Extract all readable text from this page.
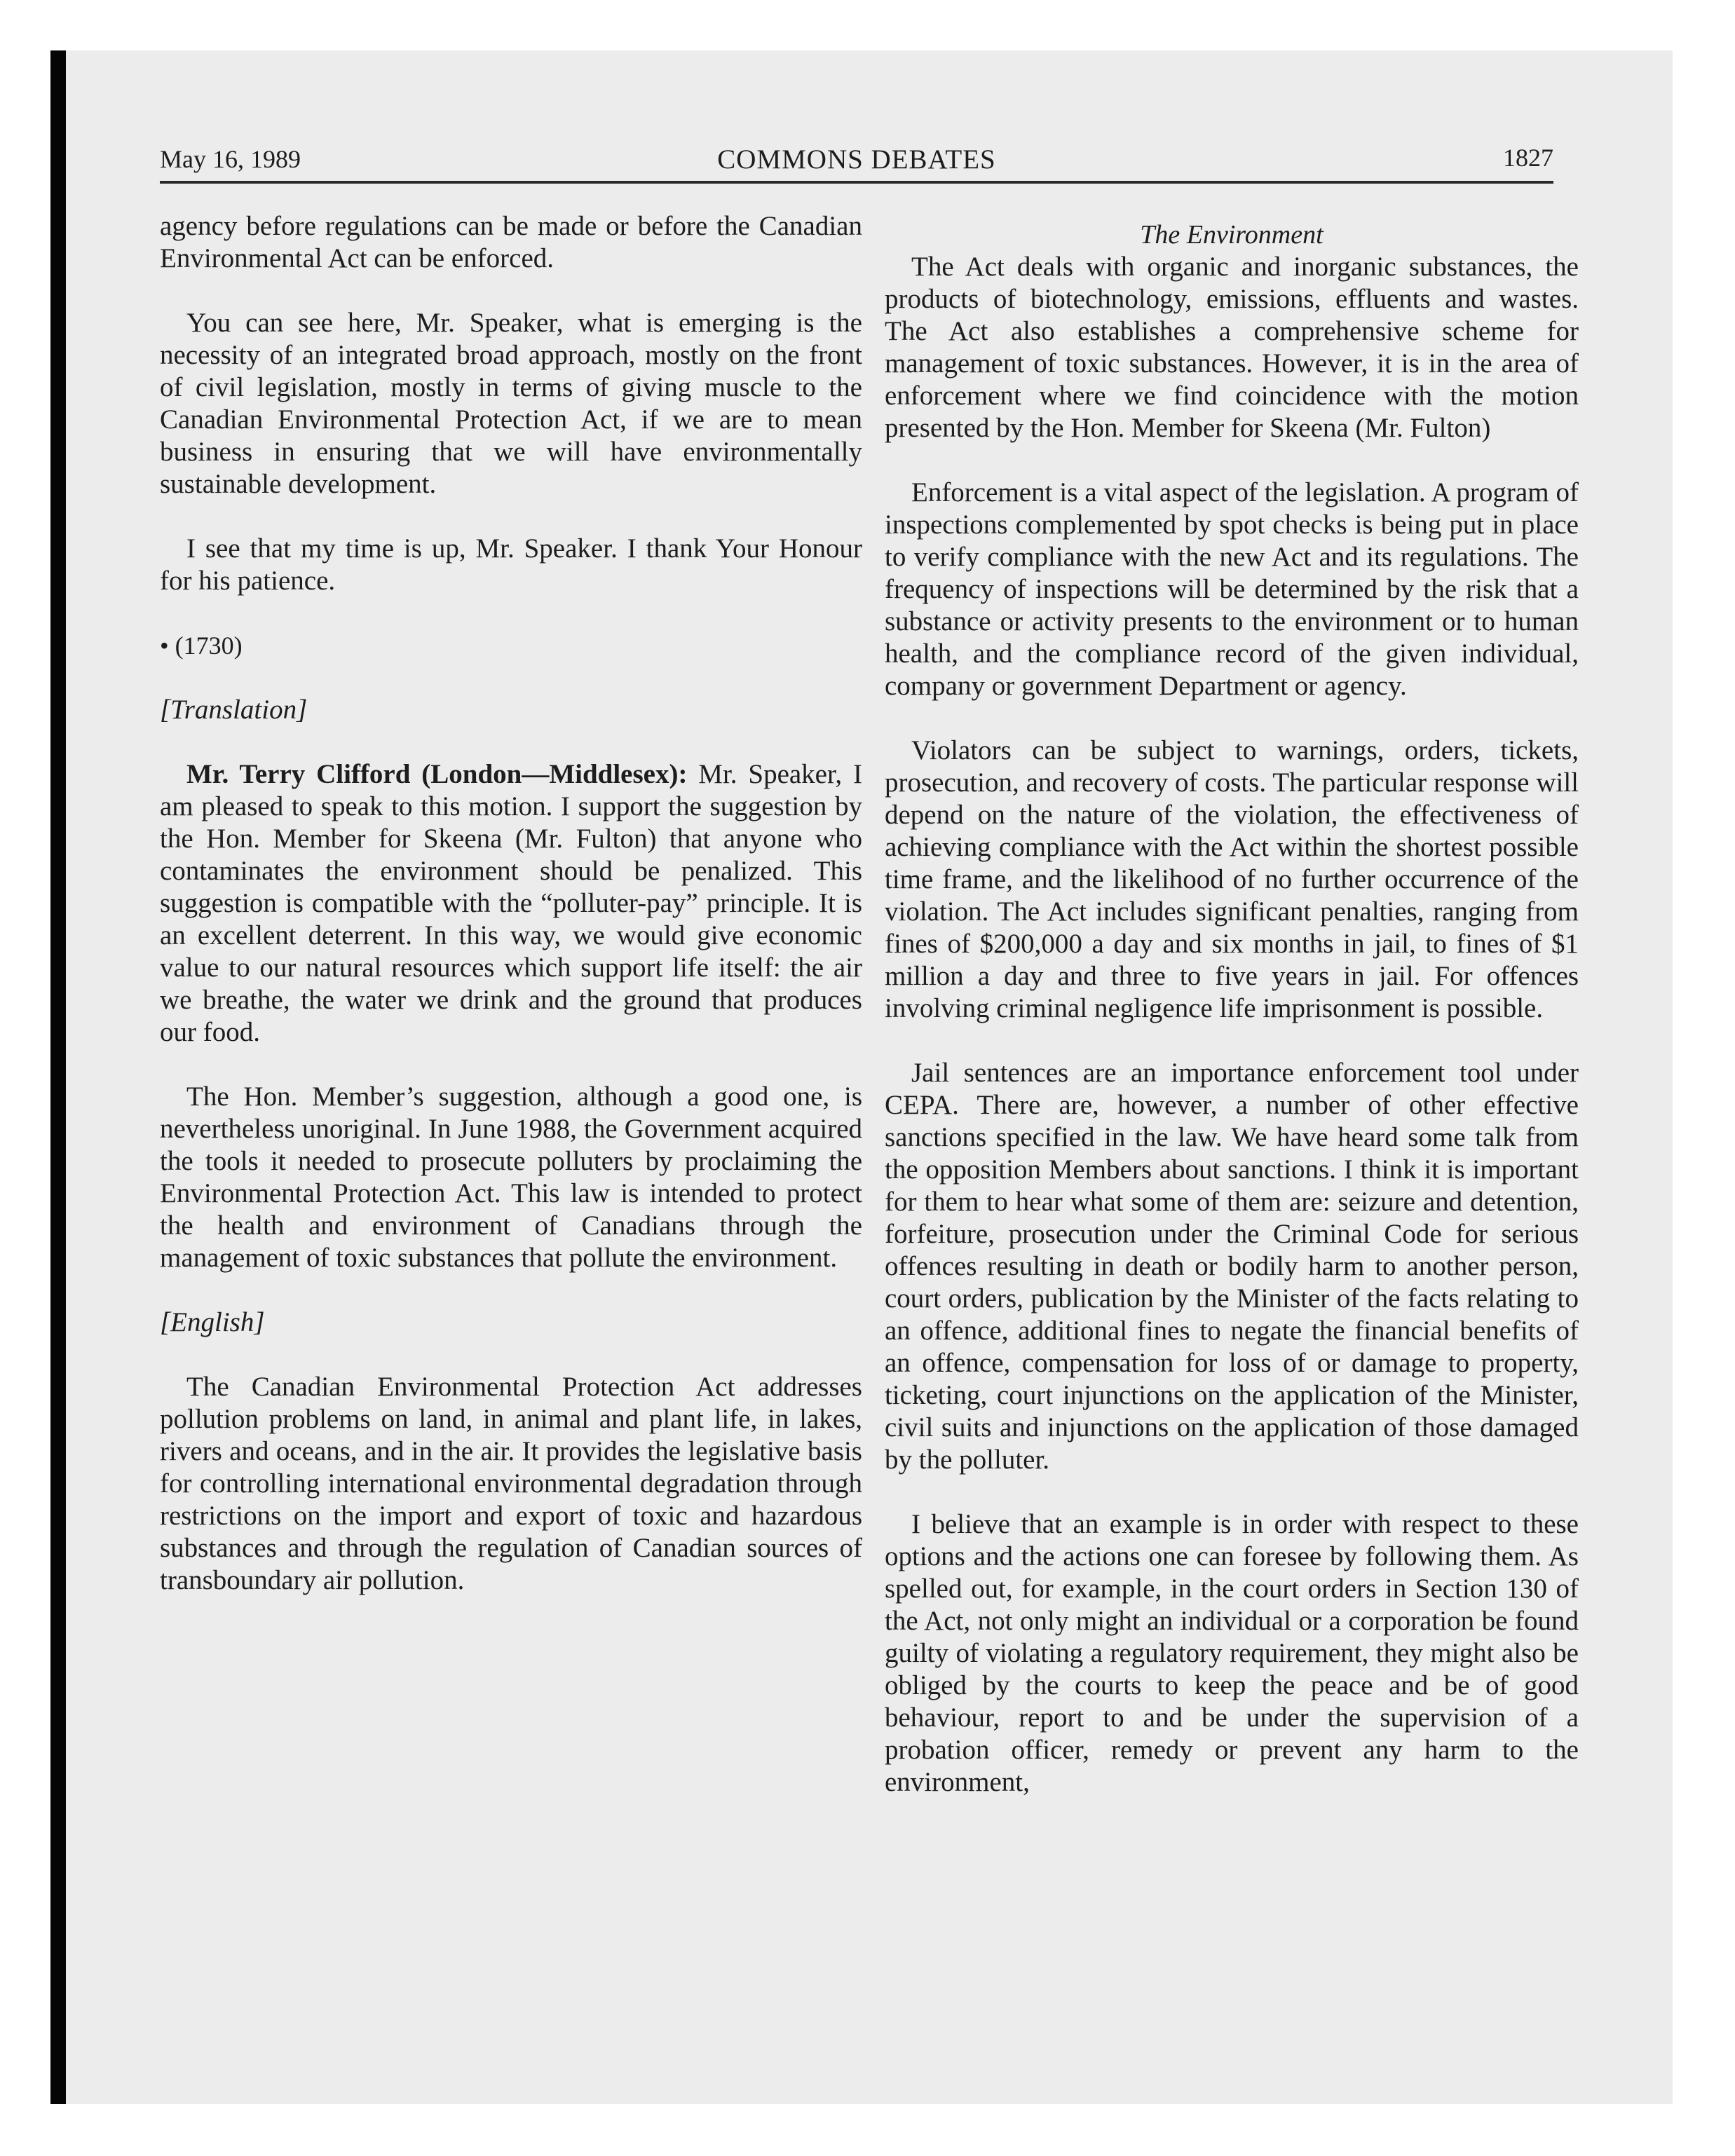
May 16, 1989	COMMONS DEBATES	1827

agency before regulations can be made or before the Canadian Environmental Act can be enforced.

You can see here, Mr. Speaker, what is emerging is the necessity of an integrated broad approach, mostly on the front of civil legislation, mostly in terms of giving muscle to the Canadian Environmental Protection Act, if we are to mean business in ensuring that we will have environmentally sustainable development.

I see that my time is up, Mr. Speaker. I thank Your Honour for his patience.

• (1730)

[Translation]

Mr. Terry Clifford (London—Middlesex): Mr. Speaker, I am pleased to speak to this motion. I support the suggestion by the Hon. Member for Skeena (Mr. Fulton) that anyone who contaminates the environment should be penalized. This suggestion is compatible with the “polluter-pay” principle. It is an excellent deterrent. In this way, we would give economic value to our natural resources which support life itself: the air we breathe, the water we drink and the ground that produces our food.

The Hon. Member’s suggestion, although a good one, is nevertheless unoriginal. In June 1988, the Government acquired the tools it needed to prosecute polluters by proclaiming the Environmental Protection Act. This law is intended to protect the health and environment of Canadians through the management of toxic substances that pollute the environment.

[English]

The Canadian Environmental Protection Act addresses pollution problems on land, in animal and plant life, in lakes, rivers and oceans, and in the air. It provides the legislative basis for controlling international environmental degradation through restrictions on the import and export of toxic and hazardous substances and through the regulation of Canadian sources of transboundary air pollution.

The Environment

The Act deals with organic and inorganic substances, the products of biotechnology, emissions, effluents and wastes. The Act also establishes a comprehensive scheme for management of toxic substances. However, it is in the area of enforcement where we find coincidence with the motion presented by the Hon. Member for Skeena (Mr. Fulton)

Enforcement is a vital aspect of the legislation. A program of inspections complemented by spot checks is being put in place to verify compliance with the new Act and its regulations. The frequency of inspections will be determined by the risk that a substance or activity presents to the environment or to human health, and the compliance record of the given individual, company or government Department or agency.

Violators can be subject to warnings, orders, tickets, prosecution, and recovery of costs. The particular response will depend on the nature of the violation, the effectiveness of achieving compliance with the Act within the shortest possible time frame, and the likelihood of no further occurrence of the violation. The Act includes significant penalties, ranging from fines of $200,000 a day and six months in jail, to fines of $1 million a day and three to five years in jail. For offences involving criminal negligence life imprisonment is possible.

Jail sentences are an importance enforcement tool under CEPA. There are, however, a number of other effective sanctions specified in the law. We have heard some talk from the opposition Members about sanctions. I think it is important for them to hear what some of them are: seizure and detention, forfeiture, prosecution under the Criminal Code for serious offences resulting in death or bodily harm to another person, court orders, publication by the Minister of the facts relating to an offence, additional fines to negate the financial benefits of an offence, compensation for loss of or damage to property, ticketing, court injunctions on the application of the Minister, civil suits and injunctions on the application of those damaged by the polluter.

I believe that an example is in order with respect to these options and the actions one can foresee by following them. As spelled out, for example, in the court orders in Section 130 of the Act, not only might an individual or a corporation be found guilty of violating a regulatory requirement, they might also be obliged by the courts to keep the peace and be of good behaviour, report to and be under the supervision of a probation officer, remedy or prevent any harm to the environment,
